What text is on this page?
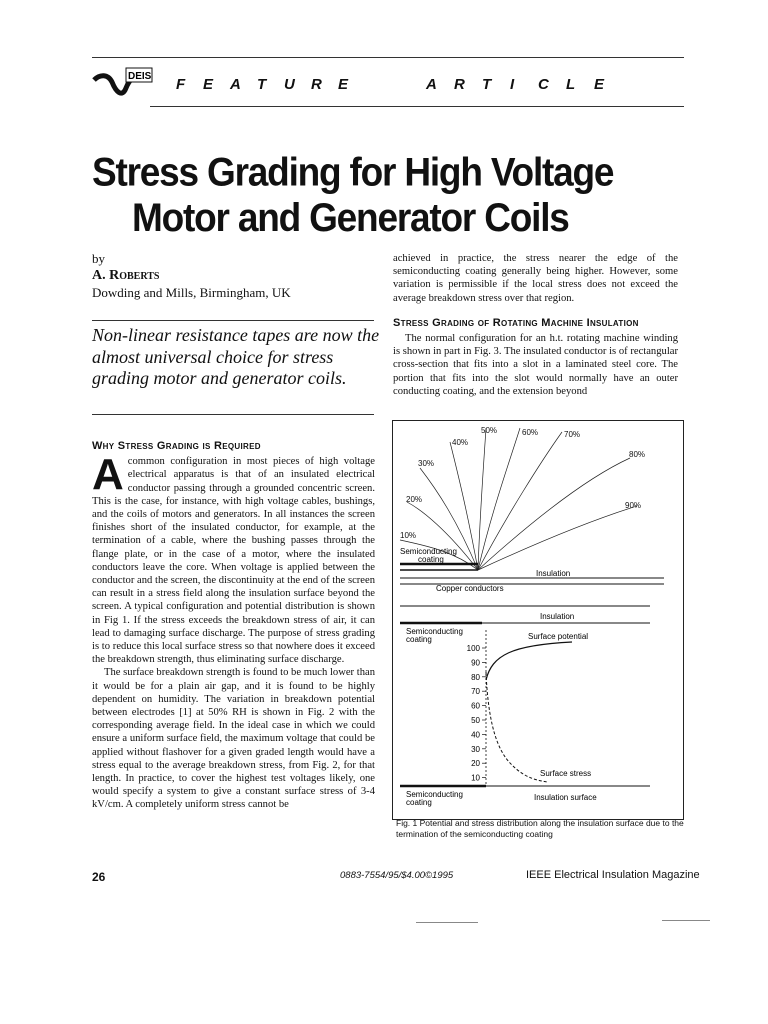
DEIS F E A T U R E	A R T I C L E
Stress Grading for High Voltage
Motor and Generator Coils
by
A. Roberts
Dowding and Mills, Birmingham, UK
Non-linear resistance tapes are now the almost universal choice for stress grading motor and generator coils.
Why Stress Grading is Required

Acommon configuration in most pieces of high voltage electrical apparatus is that of an insulated electrical conductor passing through a grounded concentric screen. This is the case, for instance, with high voltage cables, bushings, and the coils of motors and generators. In all instances the screen finishes short of the insulated conductor, for example, at the termination of a cable, where the bushing passes through the flange plate, or in the case of a motor, where the insulated conductors leave the core. When voltage is applied between the conductor and the screen, the discontinuity at the end of the screen can result in a stress field along the insulation surface beyond the screen. A typical configuration and potential distribution is shown in Fig 1. If the stress exceeds the breakdown stress of air, it can lead to damaging surface discharge. The purpose of stress grading is to reduce this local surface stress so that nowhere does it exceed the breakdown strength, thus eliminating surface discharge.

The surface breakdown strength is found to be much lower than it would be for a plain air gap, and it is found to be highly dependent on humidity. The variation in breakdown potential between electrodes [1] at 50% RH is shown in Fig. 2 with the corresponding average field. In the ideal case in which we could ensure a uniform surface field, the maximum voltage that could be applied without flashover for a given graded length would have a stress equal to the average breakdown stress, from Fig. 2, for that length. In practice, to cover the highest test voltages likely, one would specify a system to give a constant surface stress of 3-4 kV/cm. A completely uniform stress cannot be

achieved in practice, the stress nearer the edge of the semiconducting coating generally being higher. However, some variation is permissible if the local stress does not exceed the average breakdown stress over that region.

Stress Grading of Rotating Machine Insulation

The normal configuration for an h.t. rotating machine winding is shown in part in Fig. 3. The insulated conductor is of rectangular cross-section that fits into a slot in a laminated steel core. The portion that fits into the slot would normally have an outer conducting coating, and the extension beyond

10%
20%
30%
40%
50%	60%	70%
80%
90%
Semiconducting
coating
Insulation
Copper conductors
Insulation
Semiconducting
coating	Surface potential
100
90
80
70
60
50
40
30
20
10
Surface stress
Semiconducting
coating
Insulation surface
Fig. 1 Potential and stress distribution along the insulation surface due to the termination of the semiconducting coating
26	0883-7554/95/$4.00©1995	IEEE Electrical Insulation Magazine
